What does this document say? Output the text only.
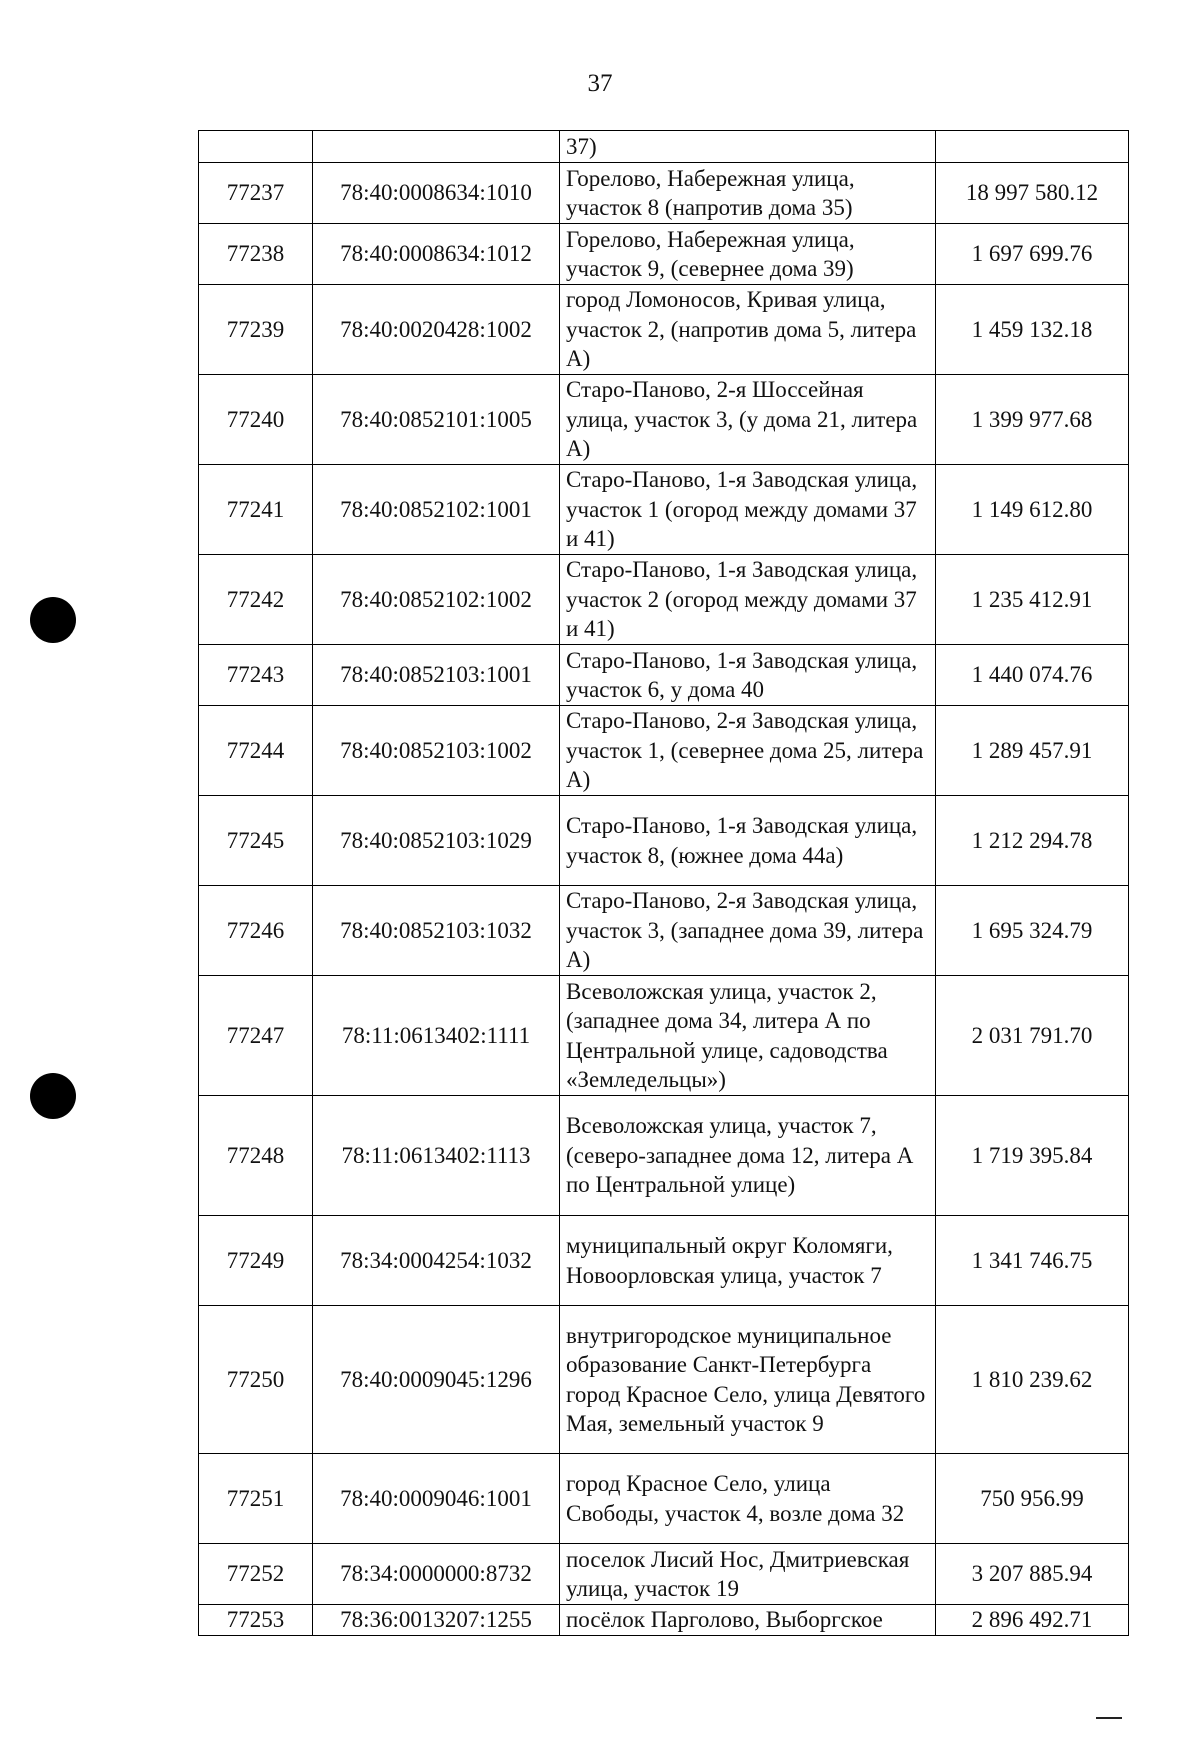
37
		37)	
77237	78:40:0008634:1010	Горелово, Набережная улица, участок 8 (напротив дома 35)	18 997 580.12
77238	78:40:0008634:1012	Горелово, Набережная улица, участок 9, (севернее дома 39)	1 697 699.76
77239	78:40:0020428:1002	город Ломоносов, Кривая улица, участок 2, (напротив дома 5, литера А)	1 459 132.18
77240	78:40:0852101:1005	Старо-Паново, 2-я Шоссейная улица, участок 3, (у дома 21, литера А)	1 399 977.68
77241	78:40:0852102:1001	Старо-Паново, 1-я Заводская улица, участок 1 (огород между домами 37 и 41)	1 149 612.80
77242	78:40:0852102:1002	Старо-Паново, 1-я Заводская улица, участок 2 (огород между домами 37 и 41)	1 235 412.91
77243	78:40:0852103:1001	Старо-Паново, 1-я Заводская улица, участок 6, у дома 40	1 440 074.76
77244	78:40:0852103:1002	Старо-Паново, 2-я Заводская улица, участок 1, (севернее дома 25, литера А)	1 289 457.91
77245	78:40:0852103:1029	Старо-Паново, 1-я Заводская улица, участок 8, (южнее дома 44а)	1 212 294.78
77246	78:40:0852103:1032	Старо-Паново, 2-я Заводская улица, участок 3, (западнее дома 39, литера А)	1 695 324.79
77247	78:11:0613402:1111	Всеволожская улица, участок 2, (западнее дома 34, литера А по Центральной улице, садоводства «Земледельцы»)	2 031 791.70
77248	78:11:0613402:1113	Всеволожская улица, участок 7, (северо-западнее дома 12, литера А по Центральной улице)	1 719 395.84
77249	78:34:0004254:1032	муниципальный округ Коломяги, Новоорловская улица, участок 7	1 341 746.75
77250	78:40:0009045:1296	внутригородское муниципальное образование Санкт-Петербурга город Красное Село, улица Девятого Мая, земельный участок 9	1 810 239.62
77251	78:40:0009046:1001	город Красное Село, улица Свободы, участок 4, возле дома 32	750 956.99
77252	78:34:0000000:8732	поселок Лисий Нос, Дмитриевская улица, участок 19	3 207 885.94
77253	78:36:0013207:1255	посёлок Парголово, Выборгское	2 896 492.71
